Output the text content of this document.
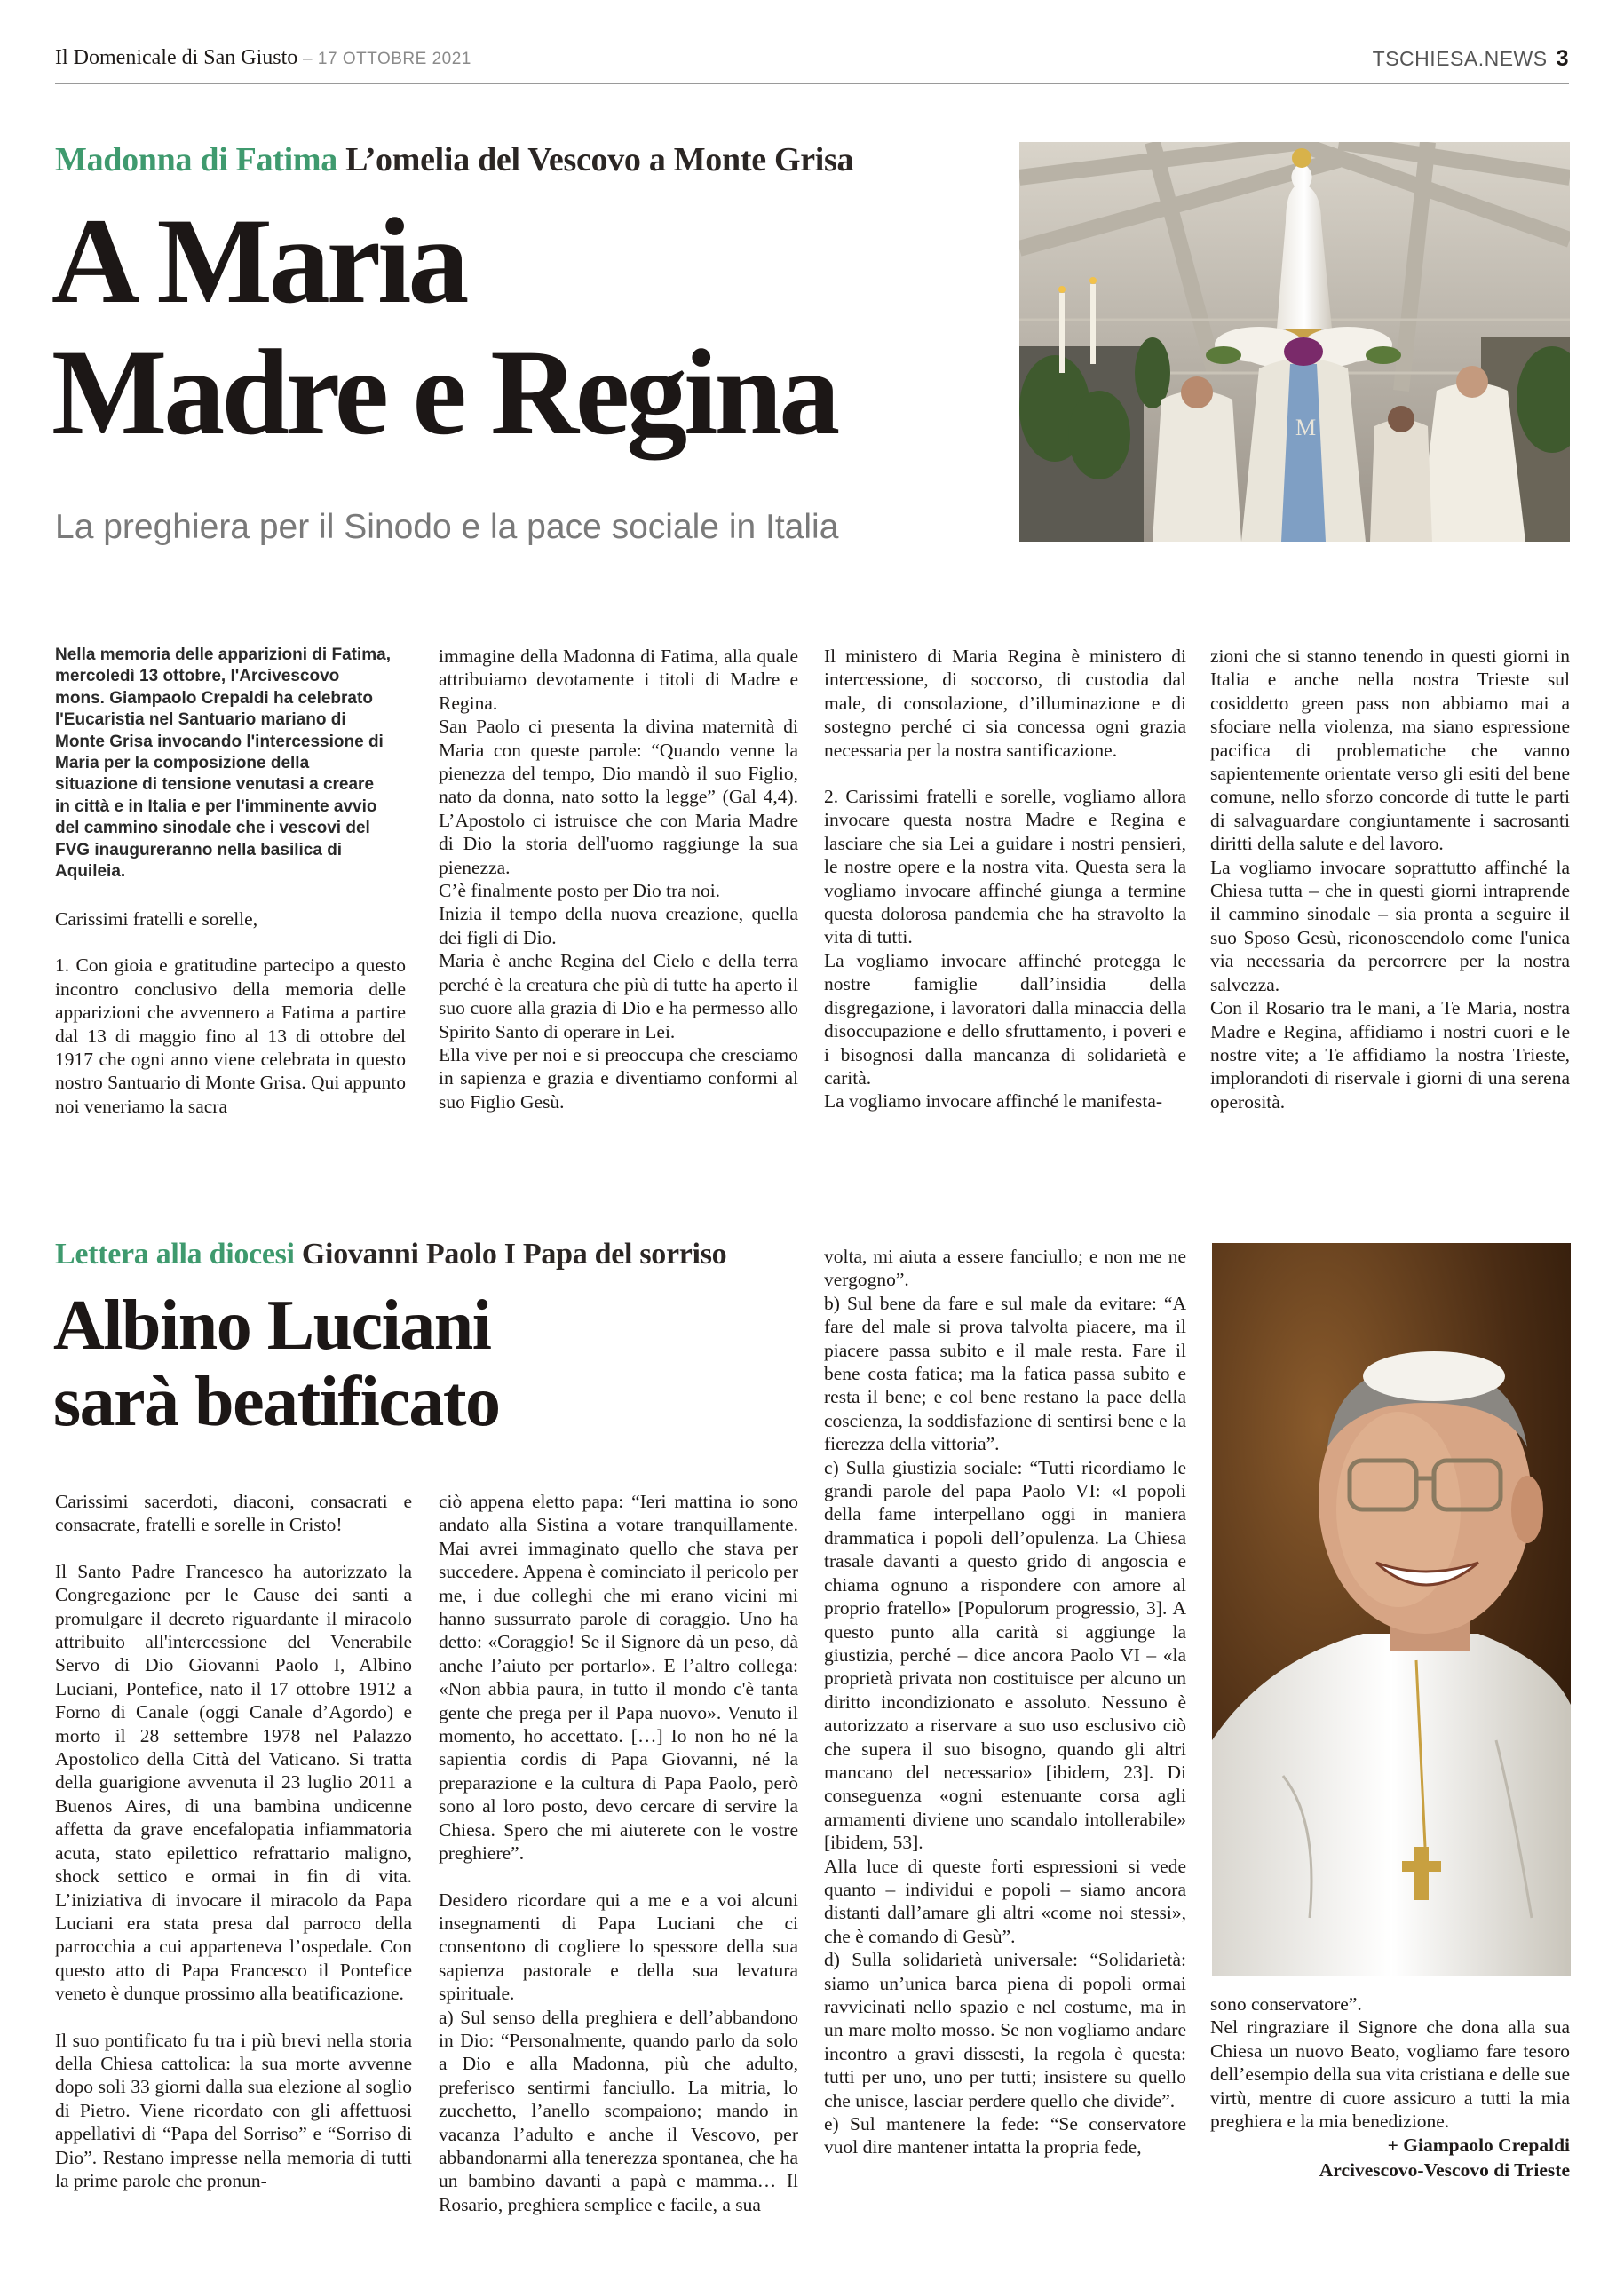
Il Domenicale di San Giusto – 17 OTTOBRE 2021	TSCHIESA.NEWS 3
Madonna di Fatima L’omelia del Vescovo a Monte Grisa
A Maria
Madre e Regina
La preghiera per il Sinodo e la pace sociale in Italia
M
Nella memoria delle apparizioni di Fatima, mercoledì 13 ottobre, l'Arcivescovo mons. Giampaolo Crepaldi ha celebrato l'Eucaristia nel Santuario mariano di Monte Grisa invocando l'intercessione di Maria per la composizione della situazione di tensione venutasi a creare in città e in Italia e per l'imminente avvio del cammino sinodale che i vescovi del FVG inaugureranno nella basilica di Aquileia.

Carissimi fratelli e sorelle,

1. Con gioia e gratitudine partecipo a questo incontro conclusivo della memoria delle apparizioni che avvennero a Fatima a partire dal 13 di maggio fino al 13 di ottobre del 1917 che ogni anno viene celebrata in questo nostro Santuario di Monte Grisa. Qui appunto noi veneriamo la sacra

immagine della Madonna di Fatima, alla quale attribuiamo devotamente i titoli di Madre e Regina.

San Paolo ci presenta la divina maternità di Maria con queste parole: “Quando venne la pienezza del tempo, Dio mandò il suo Figlio, nato da donna, nato sotto la legge” (Gal 4,4). L’Apostolo ci istruisce che con Maria Madre di Dio la storia dell'uomo raggiunge la sua pienezza.

C’è finalmente posto per Dio tra noi.

Inizia il tempo della nuova creazione, quella dei figli di Dio.

Maria è anche Regina del Cielo e della terra perché è la creatura che più di tutte ha aperto il suo cuore alla grazia di Dio e ha permesso allo Spirito Santo di operare in Lei.

Ella vive per noi e si preoccupa che cresciamo in sapienza e grazia e diventiamo conformi al suo Figlio Gesù.

Il ministero di Maria Regina è ministero di intercessione, di soccorso, di custodia dal male, di consolazione, d’illuminazione e di sostegno perché ci sia concessa ogni grazia necessaria per la nostra santificazione.

2. Carissimi fratelli e sorelle, vogliamo allora invocare questa nostra Madre e Regina e lasciare che sia Lei a guidare i nostri pensieri, le nostre opere e la nostra vita. Questa sera la vogliamo invocare affinché giunga a termine questa dolorosa pandemia che ha stravolto la vita di tutti.

La vogliamo invocare affinché protegga le nostre famiglie dall’insidia della disgregazione, i lavoratori dalla minaccia della disoccupazione e dello sfruttamento, i poveri e i bisognosi dalla mancanza di solidarietà e carità.

La vogliamo invocare affinché le manifesta-

zioni che si stanno tenendo in questi giorni in Italia e anche nella nostra Trieste sul cosiddetto green pass non abbiamo mai a sfociare nella violenza, ma siano espressione pacifica di problematiche che vanno sapientemente orientate verso gli esiti del bene comune, nello sforzo concorde di tutte le parti di salvaguardare congiuntamente i sacrosanti diritti della salute e del lavoro.

La vogliamo invocare soprattutto affinché la Chiesa tutta – che in questi giorni intraprende il cammino sinodale – sia pronta a seguire il suo Sposo Gesù, riconoscendolo come l'unica via necessaria da percorrere per la nostra salvezza.

Con il Rosario tra le mani, a Te Maria, nostra Madre e Regina, affidiamo i nostri cuori e le nostre vite; a Te affidiamo la nostra Trieste, implorandoti di riservale i giorni di una serena operosità.

Lettera alla diocesi Giovanni Paolo I Papa del sorriso
Albino Luciani
sarà beatificato

Carissimi sacerdoti, diaconi, consacrati e consacrate, fratelli e sorelle in Cristo!

Il Santo Padre Francesco ha autorizzato la Congregazione per le Cause dei santi a promulgare il decreto riguardante il miracolo attribuito all'intercessione del Venerabile Servo di Dio Giovanni Paolo I, Albino Luciani, Pontefice, nato il 17 ottobre 1912 a Forno di Canale (oggi Canale d’Agordo) e morto il 28 settembre 1978 nel Palazzo Apostolico della Città del Vaticano. Si tratta della guarigione avvenuta il 23 luglio 2011 a Buenos Aires, di una bambina undicenne affetta da grave encefalopatia infiammatoria acuta, stato epilettico refrattario maligno, shock settico e ormai in fin di vita. L’iniziativa di invocare il miracolo da Papa Luciani era stata presa dal parroco della parrocchia a cui apparteneva l’ospedale. Con questo atto di Papa Francesco il Pontefice veneto è dunque prossimo alla beatificazione.

Il suo pontificato fu tra i più brevi nella storia della Chiesa cattolica: la sua morte avvenne dopo soli 33 giorni dalla sua elezione al soglio di Pietro. Viene ricordato con gli affettuosi appellativi di “Papa del Sorriso” e “Sorriso di Dio”. Restano impresse nella memoria di tutti la prime parole che pronun-

ciò appena eletto papa: “Ieri mattina io sono andato alla Sistina a votare tranquillamente. Mai avrei immaginato quello che stava per succedere. Appena è cominciato il pericolo per me, i due colleghi che mi erano vicini mi hanno sussurrato parole di coraggio. Uno ha detto: «Coraggio! Se il Signore dà un peso, dà anche l’aiuto per portarlo». E l’altro collega: «Non abbia paura, in tutto il mondo c'è tanta gente che prega per il Papa nuovo». Venuto il momento, ho accettato. […] Io non ho né la sapientia cordis di Papa Giovanni, né la preparazione e la cultura di Papa Paolo, però sono al loro posto, devo cercare di servire la Chiesa. Spero che mi aiuterete con le vostre preghiere”.

Desidero ricordare qui a me e a voi alcuni insegnamenti di Papa Luciani che ci consentono di cogliere lo spessore della sua sapienza pastorale e della sua levatura spirituale.

a) Sul senso della preghiera e dell’abbandono in Dio: “Personalmente, quando parlo da solo a Dio e alla Madonna, più che adulto, preferisco sentirmi fanciullo. La mitria, lo zucchetto, l’anello scompaiono; mando in vacanza l’adulto e anche il Vescovo, per abbandonarmi alla tenerezza spontanea, che ha un bambino davanti a papà e mamma… Il Rosario, preghiera semplice e facile, a sua

volta, mi aiuta a essere fanciullo; e non me ne vergogno”.

b) Sul bene da fare e sul male da evitare: “A fare del male si prova talvolta piacere, ma il piacere passa subito e il male resta. Fare il bene costa fatica; ma la fatica passa subito e resta il bene; e col bene restano la pace della coscienza, la soddisfazione di sentirsi bene e la fierezza della vittoria”.

c) Sulla giustizia sociale: “Tutti ricordiamo le grandi parole del papa Paolo VI: «I popoli della fame interpellano oggi in maniera drammatica i popoli dell’opulenza. La Chiesa trasale davanti a questo grido di angoscia e chiama ognuno a rispondere con amore al proprio fratello» [Populorum progressio, 3]. A questo punto alla carità si aggiunge la giustizia, perché – dice ancora Paolo VI – «la proprietà privata non costituisce per alcuno un diritto incondizionato e assoluto. Nessuno è autorizzato a riservare a suo uso esclusivo ciò che supera il suo bisogno, quando gli altri mancano del necessario» [ibidem, 23]. Di conseguenza «ogni estenuante corsa agli armamenti diviene uno scandalo intollerabile» [ibidem, 53].

Alla luce di queste forti espressioni si vede quanto – individui e popoli – siamo ancora distanti dall’amare gli altri «come noi stessi», che è comando di Gesù”.

d) Sulla solidarietà universale: “Solidarietà: siamo un’unica barca piena di popoli ormai ravvicinati nello spazio e nel costume, ma in un mare molto mosso. Se non vogliamo andare incontro a gravi dissesti, la regola è questa: tutti per uno, uno per tutti; insistere su quello che unisce, lasciar perdere quello che divide”.

e) Sul mantenere la fede: “Se conservatore vuol dire mantener intatta la propria fede,

sono conservatore”.

Nel ringraziare il Signore che dona alla sua Chiesa un nuovo Beato, vogliamo fare tesoro dell’esempio della sua vita cristiana e delle sue virtù, mentre di cuore assicuro a tutti la mia preghiera e la mia benedizione.

+ Giampaolo Crepaldi
Arcivescovo-Vescovo di Trieste
